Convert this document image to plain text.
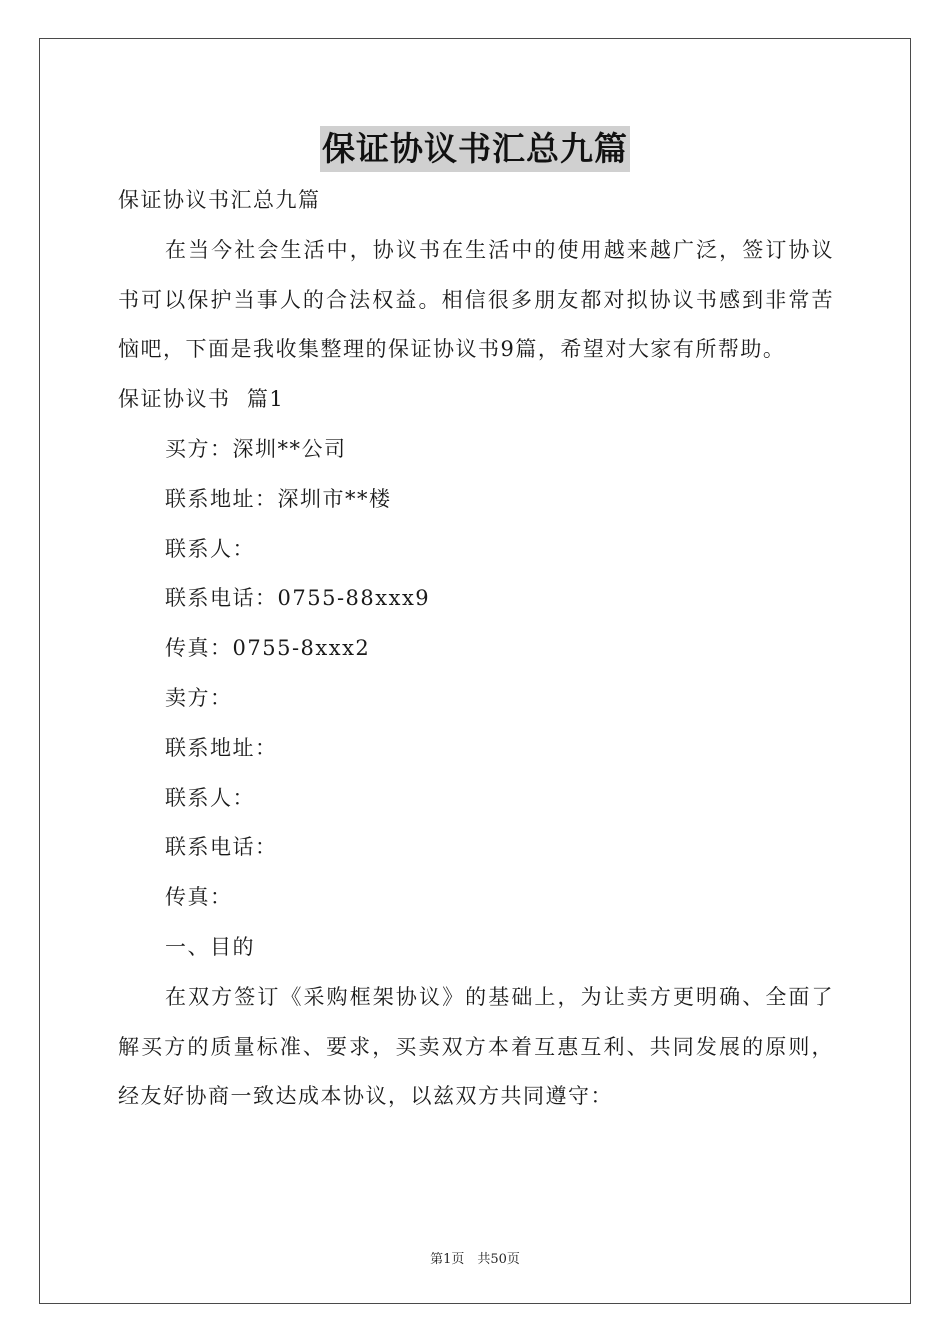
保证协议书汇总九篇

保证协议书汇总九篇

在当今社会生活中，协议书在生活中的使用越来越广泛，签订协议书可以保护当事人的合法权益。相信很多朋友都对拟协议书感到非常苦恼吧，下面是我收集整理的保证协议书9篇，希望对大家有所帮助。

保证协议书  篇1

买方：深圳**公司

联系地址：深圳市**楼

联系人：

联系电话：0755-88xxx9

传真：0755-8xxx2

卖方：

联系地址：

联系人：

联系电话：

传真：

一、目的

在双方签订《采购框架协议》的基础上，为让卖方更明确、全面了解买方的质量标准、要求，买卖双方本着互惠互利、共同发展的原则，经友好协商一致达成本协议，以兹双方共同遵守：

第1页　共50页
